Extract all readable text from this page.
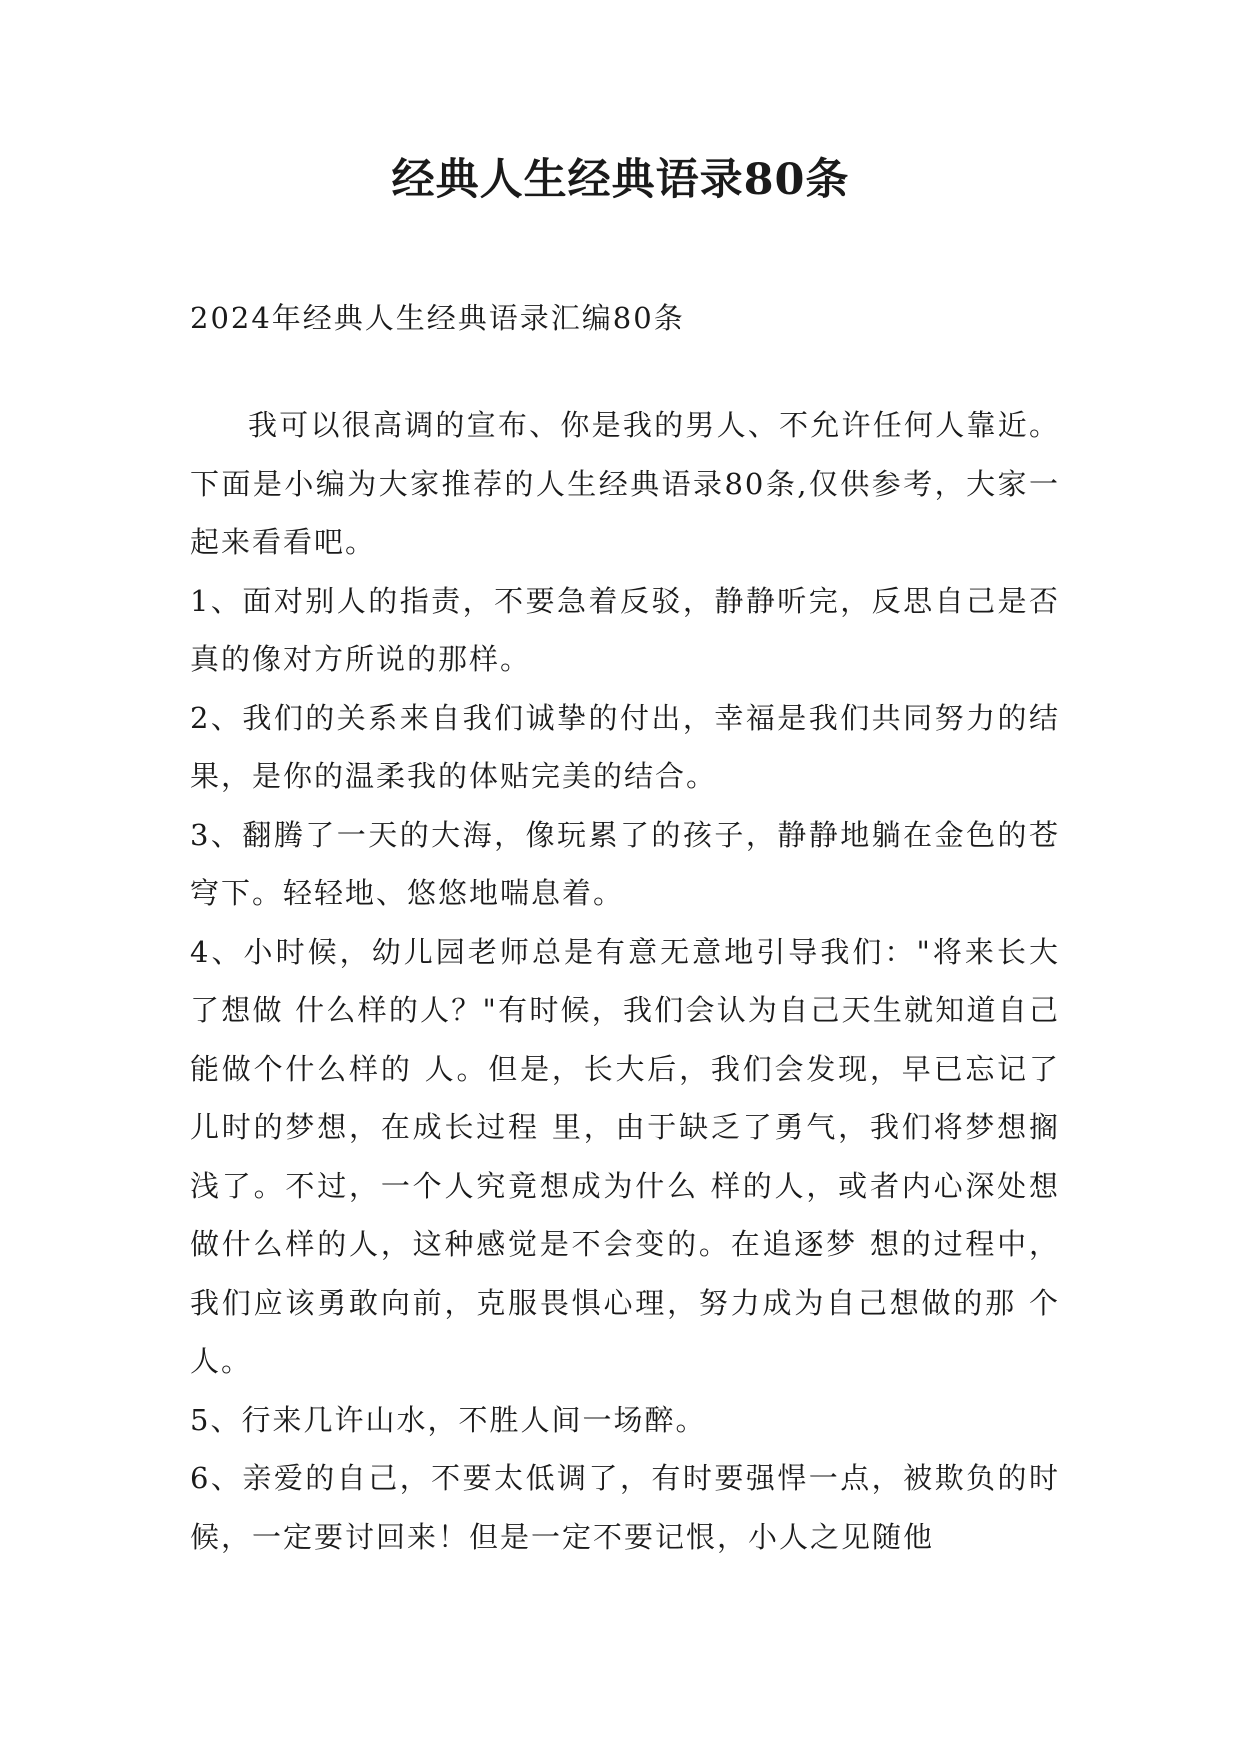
经典人生经典语录80条

2024年经典人生经典语录汇编80条

我可以很高调的宣布、你是我的男人、不允许任何人靠近。下面是小编为大家推荐的人生经典语录80条,仅供参考，大家一起来看看吧。

1、面对别人的指责，不要急着反驳，静静听完，反思自己是否真的像对方所说的那样。

2、我们的关系来自我们诚挚的付出，幸福是我们共同努力的结果，是你的温柔我的体贴完美的结合。

3、翻腾了一天的大海，像玩累了的孩子，静静地躺在金色的苍穹下。轻轻地、悠悠地喘息着。

4、小时候，幼儿园老师总是有意无意地引导我们："将来长大了想做 什么样的人？"有时候，我们会认为自己天生就知道自己能做个什么样的 人。但是，长大后，我们会发现，早已忘记了儿时的梦想，在成长过程 里，由于缺乏了勇气，我们将梦想搁浅了。不过，一个人究竟想成为什么 样的人，或者内心深处想做什么样的人，这种感觉是不会变的。在追逐梦 想的过程中，我们应该勇敢向前，克服畏惧心理，努力成为自己想做的那 个人。

5、行来几许山水，不胜人间一场醉。

6、亲爱的自己，不要太低调了，有时要强悍一点，被欺负的时候，一定要讨回来！但是一定不要记恨，小人之见随他
